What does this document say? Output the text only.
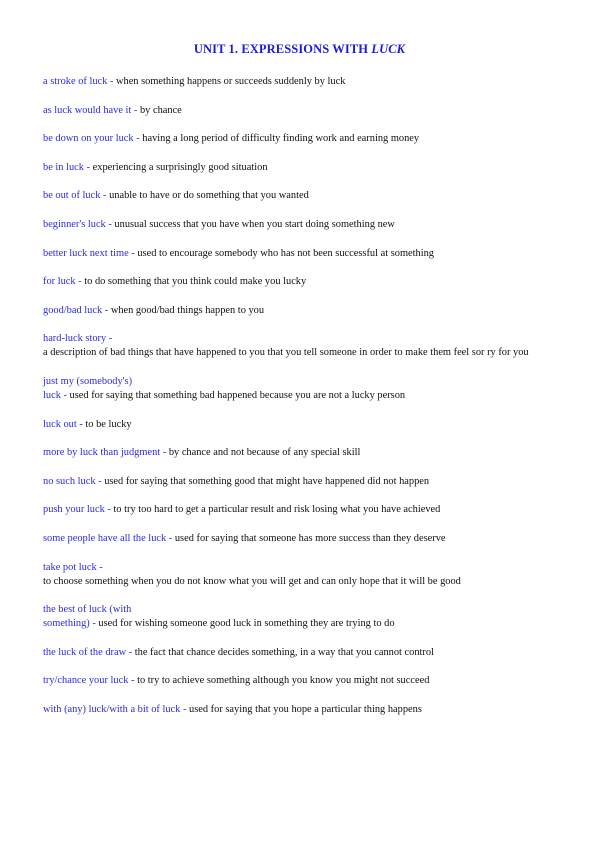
UNIT 1. EXPRESSIONS WITH LUCK
a stroke of luck - when something happens or succeeds suddenly by luck
as luck would have it - by chance
be down on your luck - having a long period of difficulty finding work and earning money
be in luck - experiencing a surprisingly good situation
be out of luck - unable to have or do something that you wanted
beginner's luck - unusual success that you have when you start doing something new
better luck next time - used to encourage somebody who has not been successful at something
for luck - to do something that you think could make you lucky
good/bad luck - when good/bad things happen to you
hard-luck story -
a description of bad things that have happened to you that you tell someone in order to make them feel sor ry for you
just my (somebody's)
luck - used for saying that something bad happened because you are not a lucky person
luck out - to be lucky
more by luck than judgment - by chance and not because of any special skill
no such luck - used for saying that something good that might have happened did not happen
push your luck - to try too hard to get a particular result and risk losing what you have achieved
some people have all the luck - used for saying that someone has more success than they deserve
take pot luck -
to choose something when you do not know what you will get and can only hope that it will be good
the best of luck (with
something) - used for wishing someone good luck in something they are trying to do
the luck of the draw - the fact that chance decides something, in a way that you cannot control
try/chance your luck - to try to achieve something although you know you might not succeed
with (any) luck/with a bit of luck - used for saying that you hope a particular thing happens
